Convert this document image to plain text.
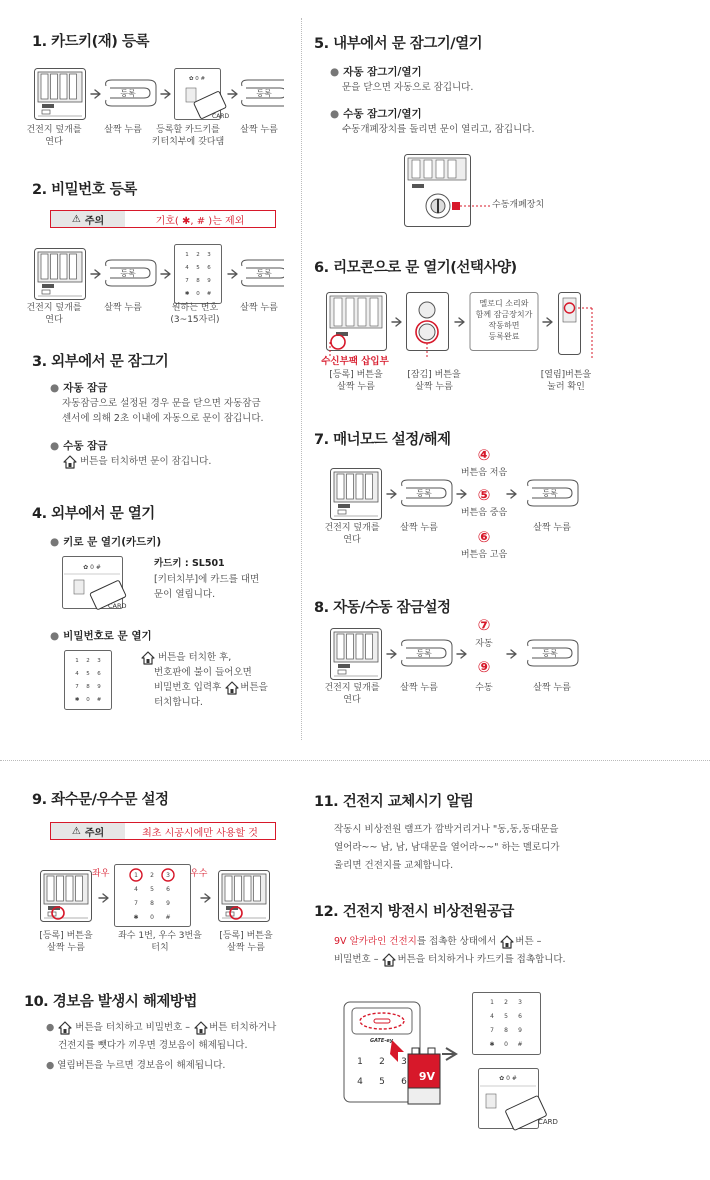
1. 카드키(재) 등록
✿ 0 #
CARD
건전지 덮개를 연다
살짝 누름	등록할 카드키를
키터치부에 갖다댐
살짝 누름
2. 비밀번호 등록
⚠ 주의	기호( ✱, # )는 제외
건전지 덮개를 연다
살짝 누름	원하는 번호
(3~15자리)
살짝 누름
3. 외부에서 문 잠그기
● 자동 잠금
자동잠금으로 설정된 경우 문을 닫으면 자동잠금
센서에 의해 2초 이내에 자동으로 문이 잠깁니다.
● 수동 잠금
버튼을 터치하면 문이 잠깁니다.
4. 외부에서 문 열기
● 키로 문 열기(카드키)
✿ 0 #
CARD
카드키 : SL501
[키터치부]에 카드를 대면
문이 열립니다.
● 비밀번호로 문 열기
버튼을 터치한 후,
번호판에 불이 들어오면
비밀번호 입력후 버튼을
터치합니다.
5. 내부에서 문 잠그기/열기
● 자동 잠그기/열기
문을 닫으면 자동으로 잠깁니다.
● 수동 잠그기/열기
수동개폐장치를 돌리면 문이 열리고, 잠깁니다.
수동개폐장치
6. 리모콘으로 문 열기(선택사양)
멜로디 소리와
함께 잠금장치가
작동하면
등록완료
수신부팩 삽입부
[등록] 버튼을
살짝 누름
[잠김] 버튼을
살짝 누름
[열림]버튼을
눌러 확인
7. 매너모드 설정/해제
④
버튼음 저음
⑤
버튼음 중음
⑥
버튼음 고음
건전지 덮개를 연다
살짝 누름	살짝 누름
8. 자동/수동 잠금설정
⑦
자동
⑨
수동
건전지 덮개를 연다
살짝 누름	살짝 누름
9. 좌수문/우수문 설정
⚠ 주의	최초 시공시에만 사용할 것
1 2 3
4 5 6
7 8 9
✱ 0 #
좌우	우수
[등록] 버튼을
살짝 누름
좌수 1번, 우수 3번을
터치
[등록] 버튼을
살짝 누름
10. 경보음 발생시 해제방법
● 버튼을 터치하고 비밀번호 – 버튼 터치하거나
건전지를 뺏다가 끼우면 경보음이 해제됩니다.
● 열림버튼을 누르면 경보음이 해제됩니다.
11. 건전지 교체시기 알림
작동시 비상전원 램프가 깜박거리거나 "동,동,동대문을
열어라~~ 남, 남, 남대문을 열어라~~" 하는 멜로디가
울리면 건전지를 교체합니다.
12. 건전지 방전시 비상전원공급
9V 알카라인 건전지 를 접촉한 상태에서 버튼 –
비밀번호 – 버튼을 터치하거나 카드키를 접촉합니다.
1 2 3
4 5 6
1 2 3
4 5 6
7 8 9
✱ 0 #
✿ 0 #
GATE-ey
9V
CARD
